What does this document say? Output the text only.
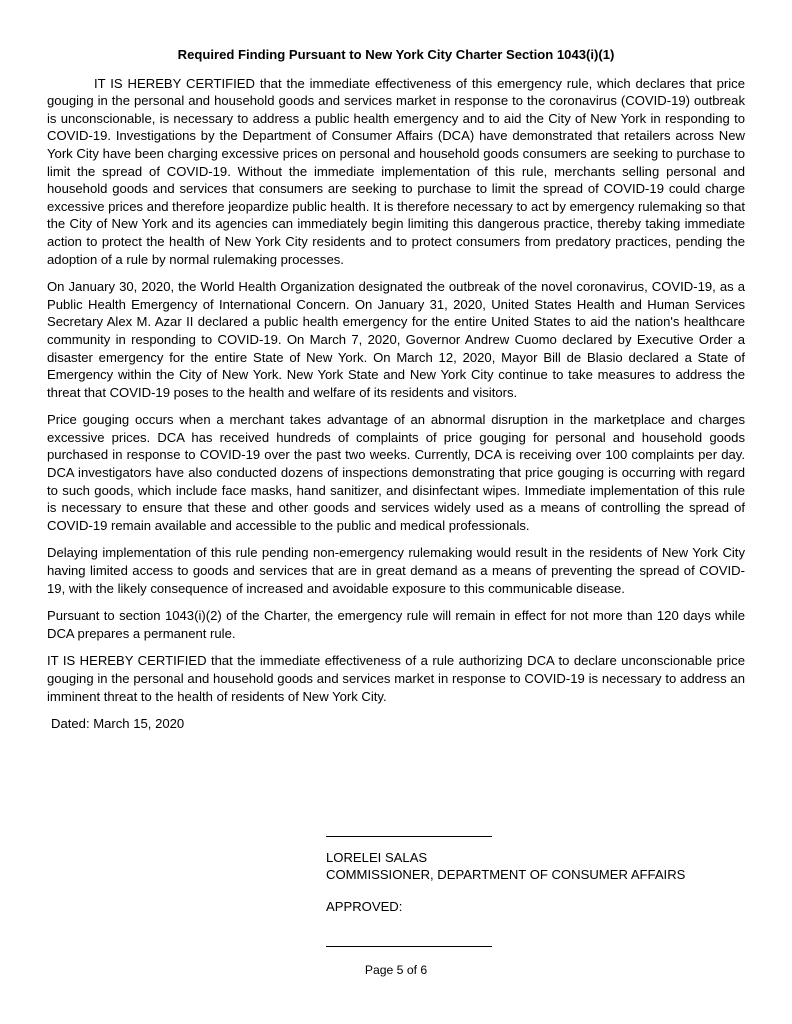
Required Finding Pursuant to New York City Charter Section 1043(i)(1)

IT IS HEREBY CERTIFIED that the immediate effectiveness of this emergency rule, which declares that price gouging in the personal and household goods and services market in response to the coronavirus (COVID-19) outbreak is unconscionable, is necessary to address a public health emergency and to aid the City of New York in responding to COVID-19. Investigations by the Department of Consumer Affairs (DCA) have demonstrated that retailers across New York City have been charging excessive prices on personal and household goods consumers are seeking to purchase to limit the spread of COVID-19. Without the immediate implementation of this rule, merchants selling personal and household goods and services that consumers are seeking to purchase to limit the spread of COVID-19 could charge excessive prices and therefore jeopardize public health. It is therefore necessary to act by emergency rulemaking so that the City of New York and its agencies can immediately begin limiting this dangerous practice, thereby taking immediate action to protect the health of New York City residents and to protect consumers from predatory practices, pending the adoption of a rule by normal rulemaking processes.

On January 30, 2020, the World Health Organization designated the outbreak of the novel coronavirus, COVID-19, as a Public Health Emergency of International Concern. On January 31, 2020, United States Health and Human Services Secretary Alex M. Azar II declared a public health emergency for the entire United States to aid the nation's healthcare community in responding to COVID-19. On March 7, 2020, Governor Andrew Cuomo declared by Executive Order a disaster emergency for the entire State of New York. On March 12, 2020, Mayor Bill de Blasio declared a State of Emergency within the City of New York. New York State and New York City continue to take measures to address the threat that COVID-19 poses to the health and welfare of its residents and visitors.

Price gouging occurs when a merchant takes advantage of an abnormal disruption in the marketplace and charges excessive prices. DCA has received hundreds of complaints of price gouging for personal and household goods purchased in response to COVID-19 over the past two weeks. Currently, DCA is receiving over 100 complaints per day. DCA investigators have also conducted dozens of inspections demonstrating that price gouging is occurring with regard to such goods, which include face masks, hand sanitizer, and disinfectant wipes. Immediate implementation of this rule is necessary to ensure that these and other goods and services widely used as a means of controlling the spread of COVID-19 remain available and accessible to the public and medical professionals.

Delaying implementation of this rule pending non-emergency rulemaking would result in the residents of New York City having limited access to goods and services that are in great demand as a means of preventing the spread of COVID-19, with the likely consequence of increased and avoidable exposure to this communicable disease.

Pursuant to section 1043(i)(2) of the Charter, the emergency rule will remain in effect for not more than 120 days while DCA prepares a permanent rule.

IT IS HEREBY CERTIFIED that the immediate effectiveness of a rule authorizing DCA to declare unconscionable price gouging in the personal and household goods and services market in response to COVID-19 is necessary to address an imminent threat to the health of residents of New York City.

Dated: March 15, 2020
LORELEI SALAS
COMMISSIONER, DEPARTMENT OF CONSUMER AFFAIRS
APPROVED:
Page 5 of 6
